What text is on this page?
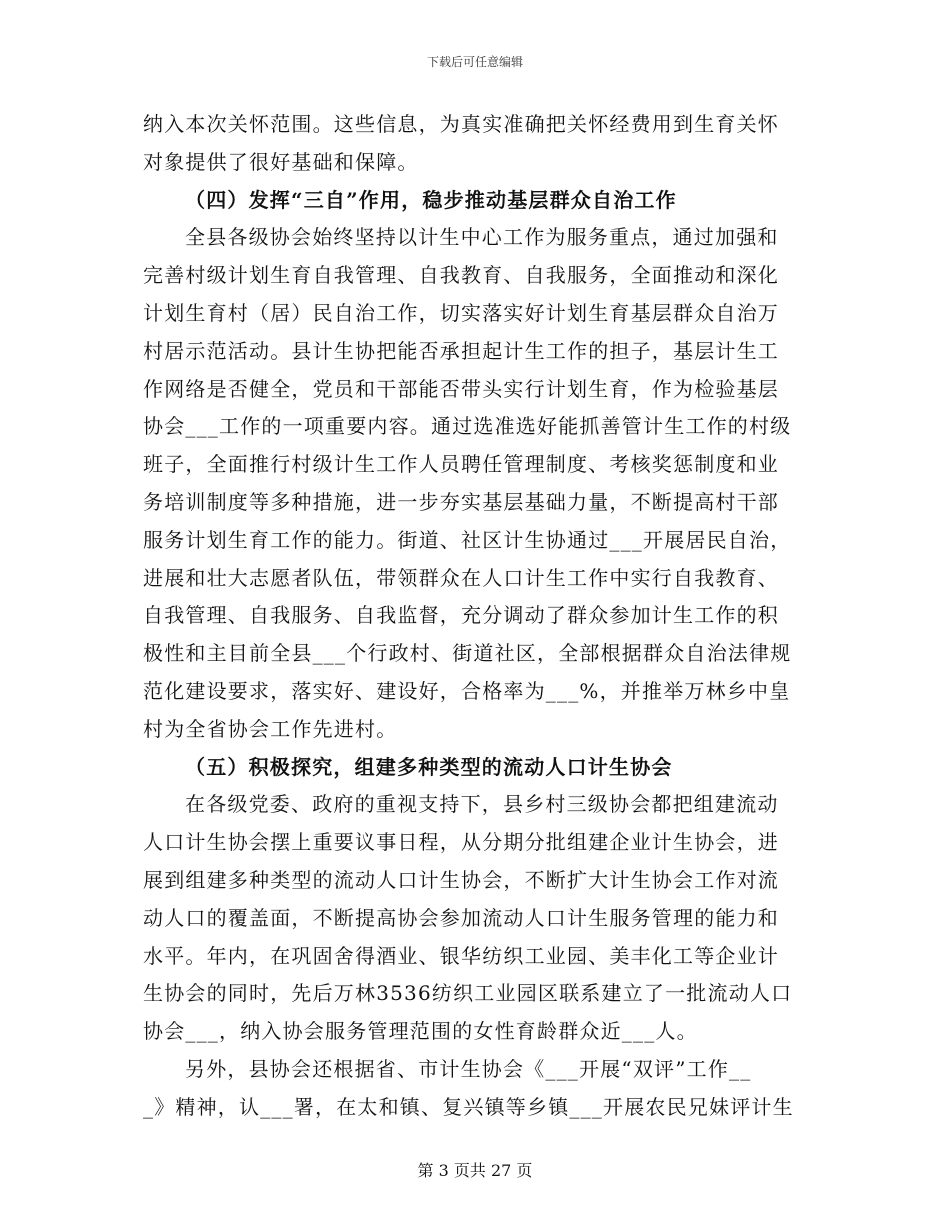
下载后可任意编辑
纳入本次关怀范围。这些信息，为真实准确把关怀经费用到生育关怀
对象提供了很好基础和保障。
（四）发挥“三自”作用，稳步推动基层群众自治工作
全县各级协会始终坚持以计生中心工作为服务重点，通过加强和
完善村级计划生育自我管理、自我教育、自我服务，全面推动和深化
计划生育村（居）民自治工作，切实落实好计划生育基层群众自治万
村居示范活动。县计生协把能否承担起计生工作的担子，基层计生工
作网络是否健全，党员和干部能否带头实行计划生育，作为检验基层
协会___工作的一项重要内容。通过选准选好能抓善管计生工作的村级
班子，全面推行村级计生工作人员聘任管理制度、考核奖惩制度和业
务培训制度等多种措施，进一步夯实基层基础力量，不断提高村干部
服务计划生育工作的能力。街道、社区计生协通过___开展居民自治，
进展和壮大志愿者队伍，带领群众在人口计生工作中实行自我教育、
自我管理、自我服务、自我监督，充分调动了群众参加计生工作的积
极性和主目前全县___个行政村、街道社区，全部根据群众自治法律规
范化建设要求，落实好、建设好，合格率为___%，并推举万林乡中皇
村为全省协会工作先进村。
（五）积极探究，组建多种类型的流动人口计生协会
在各级党委、政府的重视支持下，县乡村三级协会都把组建流动
人口计生协会摆上重要议事日程，从分期分批组建企业计生协会，进
展到组建多种类型的流动人口计生协会，不断扩大计生协会工作对流
动人口的覆盖面，不断提高协会参加流动人口计生服务管理的能力和
水平。年内，在巩固舍得酒业、银华纺织工业园、美丰化工等企业计
生协会的同时，先后万林3536纺织工业园区联系建立了一批流动人口
协会___，纳入协会服务管理范围的女性育龄群众近___人。
另外，县协会还根据省、市计生协会《___开展“双评”工作__
_》精神，认___署，在太和镇、复兴镇等乡镇___开展农民兄妹评计生
第 3 页共 27 页
